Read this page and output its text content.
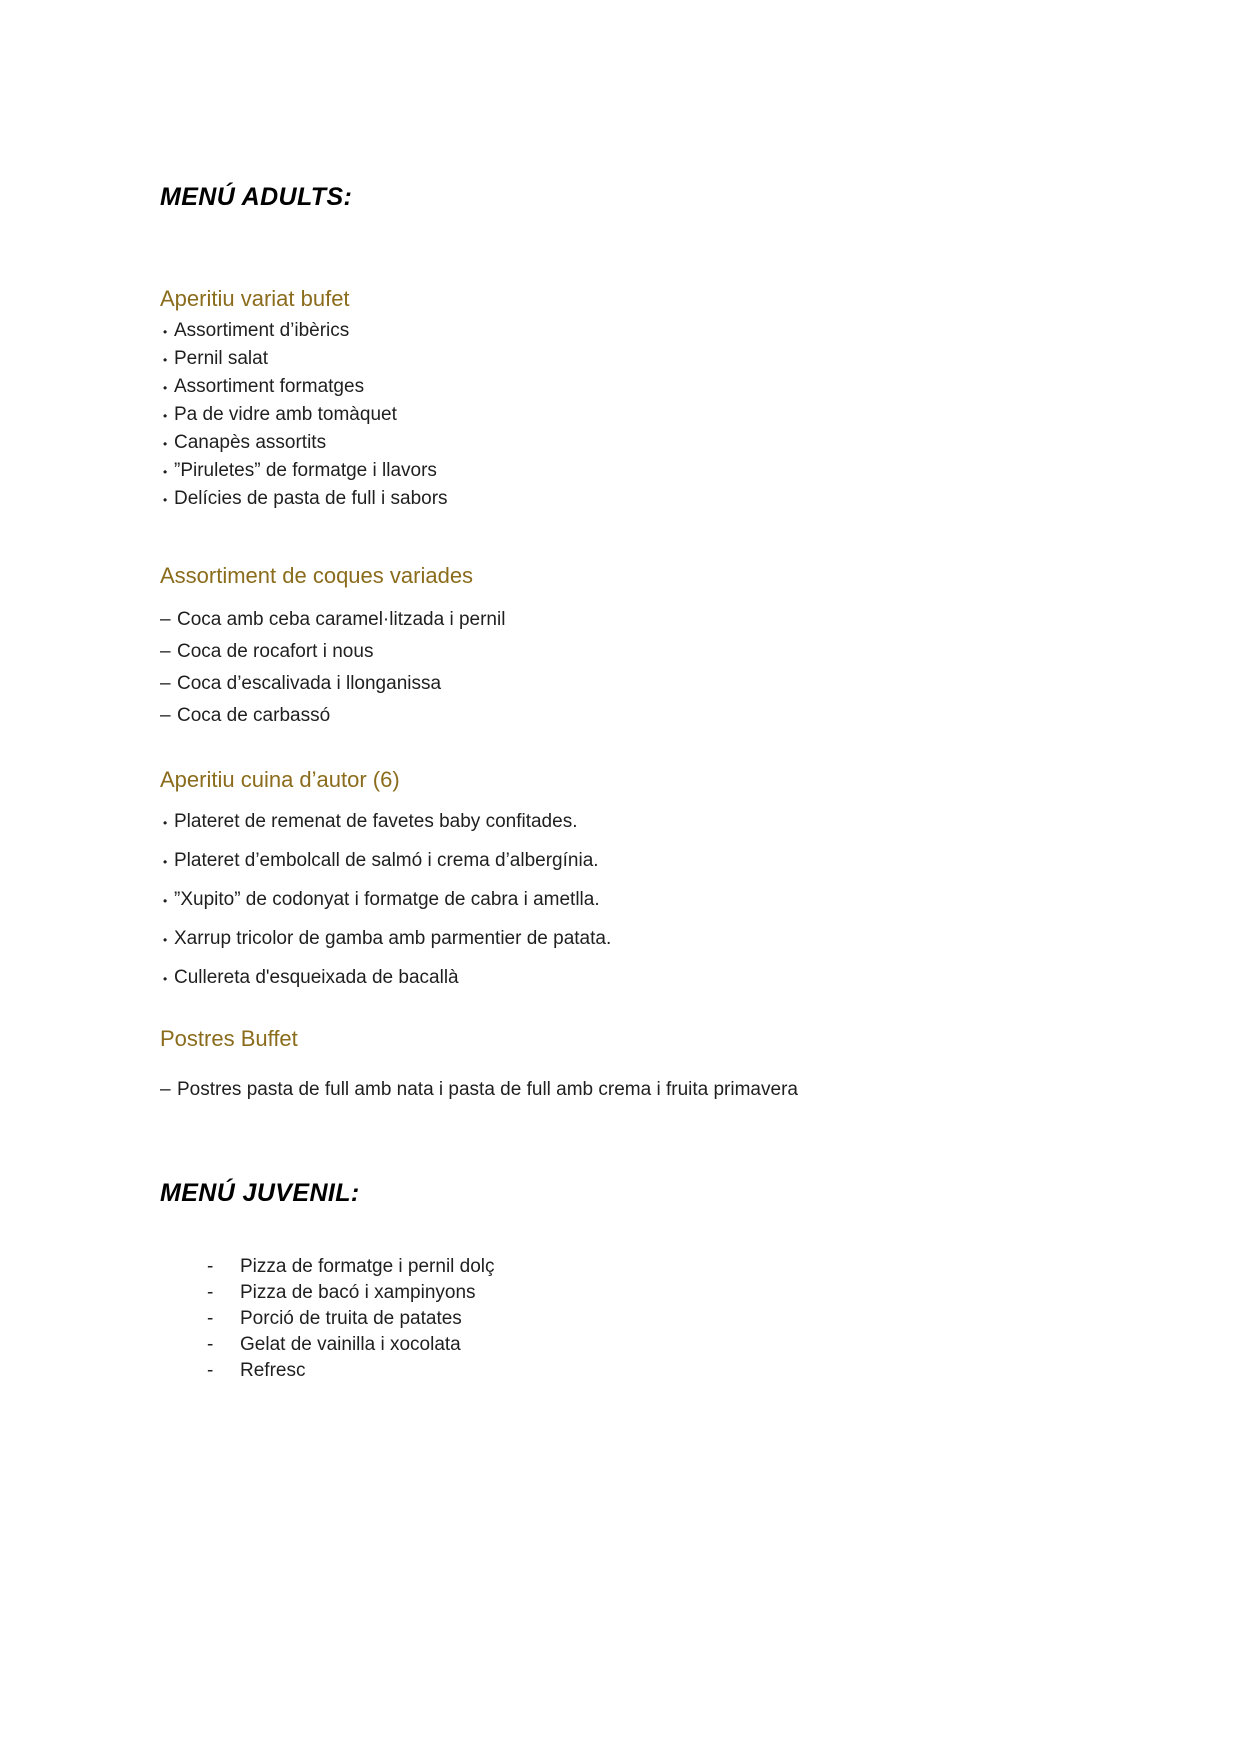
MENÚ ADULTS:
Aperitiu variat bufet
• Assortiment d’ibèrics
• Pernil salat
• Assortiment formatges
• Pa de vidre amb tomàquet
• Canapès assortits
• ”Piruletes” de formatge i llavors
• Delícies de pasta de full i sabors
Assortiment de coques variades
– Coca amb ceba caramel·litzada i pernil
– Coca de rocafort i nous
– Coca d’escalivada i llonganissa
– Coca de carbassó
Aperitiu cuina d’autor (6)
• Plateret de remenat de favetes baby confitades.
• Plateret d’embolcall de salmó i crema d’albergínia.
• ”Xupito” de codonyat i formatge de cabra i ametlla.
• Xarrup tricolor de gamba amb parmentier de patata.
• Cullereta d'esqueixada de bacallà
Postres Buffet
– Postres pasta de full amb nata i pasta de full amb crema i fruita primavera
MENÚ JUVENIL:
-	Pizza de formatge i pernil dolç
-	Pizza de bacó i xampinyons
-	Porció de truita de patates
-	Gelat de vainilla i xocolata
-	Refresc
